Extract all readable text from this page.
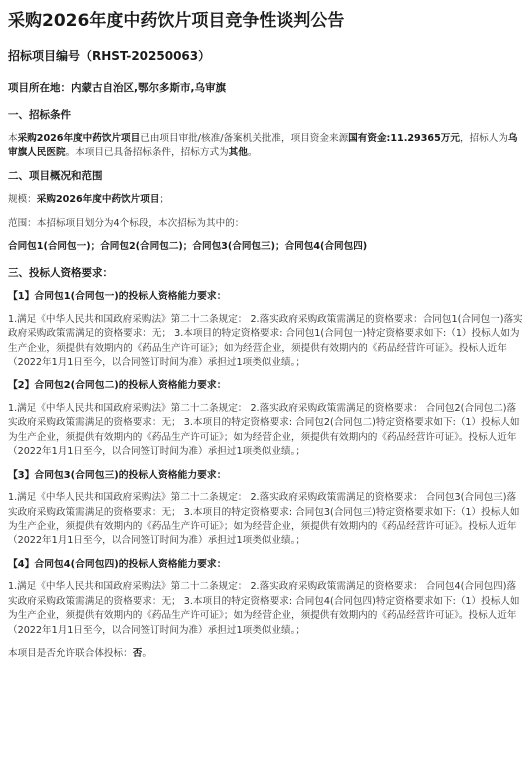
采购2026年度中药饮片项目竞争性谈判公告

招标项目编号（RHST-20250063）

项目所在地：内蒙古自治区,鄂尔多斯市,乌审旗

一、招标条件

本采购2026年度中药饮片项目已由项目审批/核准/备案机关批准，项目资金来源国有资金:11.29365万元，招标人为乌审旗人民医院。本项目已具备招标条件，招标方式为其他。

二、项目概况和范围

规模：采购2026年度中药饮片项目；

范围：本招标项目划分为4个标段，本次招标为其中的：

合同包1(合同包一)；合同包2(合同包二)；合同包3(合同包三)；合同包4(合同包四)

三、投标人资格要求：

【1】合同包1(合同包一)的投标人资格能力要求：

1.满足《中华人民共和国政府采购法》第二十二条规定： 2.落实政府采购政策需满足的资格要求：合同包1(合同包一)落实政府采购政策需满足的资格要求：无； 3.本项目的特定资格要求: 合同包1(合同包一)特定资格要求如下:（1）投标人如为生产企业，须提供有效期内的《药品生产许可证》；如为经营企业，须提供有效期内的《药品经营许可证》。投标人近年（2022年1月1日至今，以合同签订时间为准）承担过1项类似业绩。；

【2】合同包2(合同包二)的投标人资格能力要求：

1.满足《中华人民共和国政府采购法》第二十二条规定： 2.落实政府采购政策需满足的资格要求： 合同包2(合同包二)落实政府采购政策需满足的资格要求：无； 3.本项目的特定资格要求: 合同包2(合同包二)特定资格要求如下:（1）投标人如为生产企业，须提供有效期内的《药品生产许可证》；如为经营企业，须提供有效期内的《药品经营许可证》。投标人近年（2022年1月1日至今，以合同签订时间为准）承担过1项类似业绩。；

【3】合同包3(合同包三)的投标人资格能力要求：

1.满足《中华人民共和国政府采购法》第二十二条规定： 2.落实政府采购政策需满足的资格要求： 合同包3(合同包三)落实政府采购政策需满足的资格要求：无； 3.本项目的特定资格要求: 合同包3(合同包三)特定资格要求如下:（1）投标人如为生产企业，须提供有效期内的《药品生产许可证》；如为经营企业，须提供有效期内的《药品经营许可证》。投标人近年（2022年1月1日至今，以合同签订时间为准）承担过1项类似业绩。；

【4】合同包4(合同包四)的投标人资格能力要求：

1.满足《中华人民共和国政府采购法》第二十二条规定： 2.落实政府采购政策需满足的资格要求： 合同包4(合同包四)落实政府采购政策需满足的资格要求：无； 3.本项目的特定资格要求: 合同包4(合同包四)特定资格要求如下:（1）投标人如为生产企业，须提供有效期内的《药品生产许可证》；如为经营企业，须提供有效期内的《药品经营许可证》。投标人近年（2022年1月1日至今，以合同签订时间为准）承担过1项类似业绩。；

本项目是否允许联合体投标：否。
